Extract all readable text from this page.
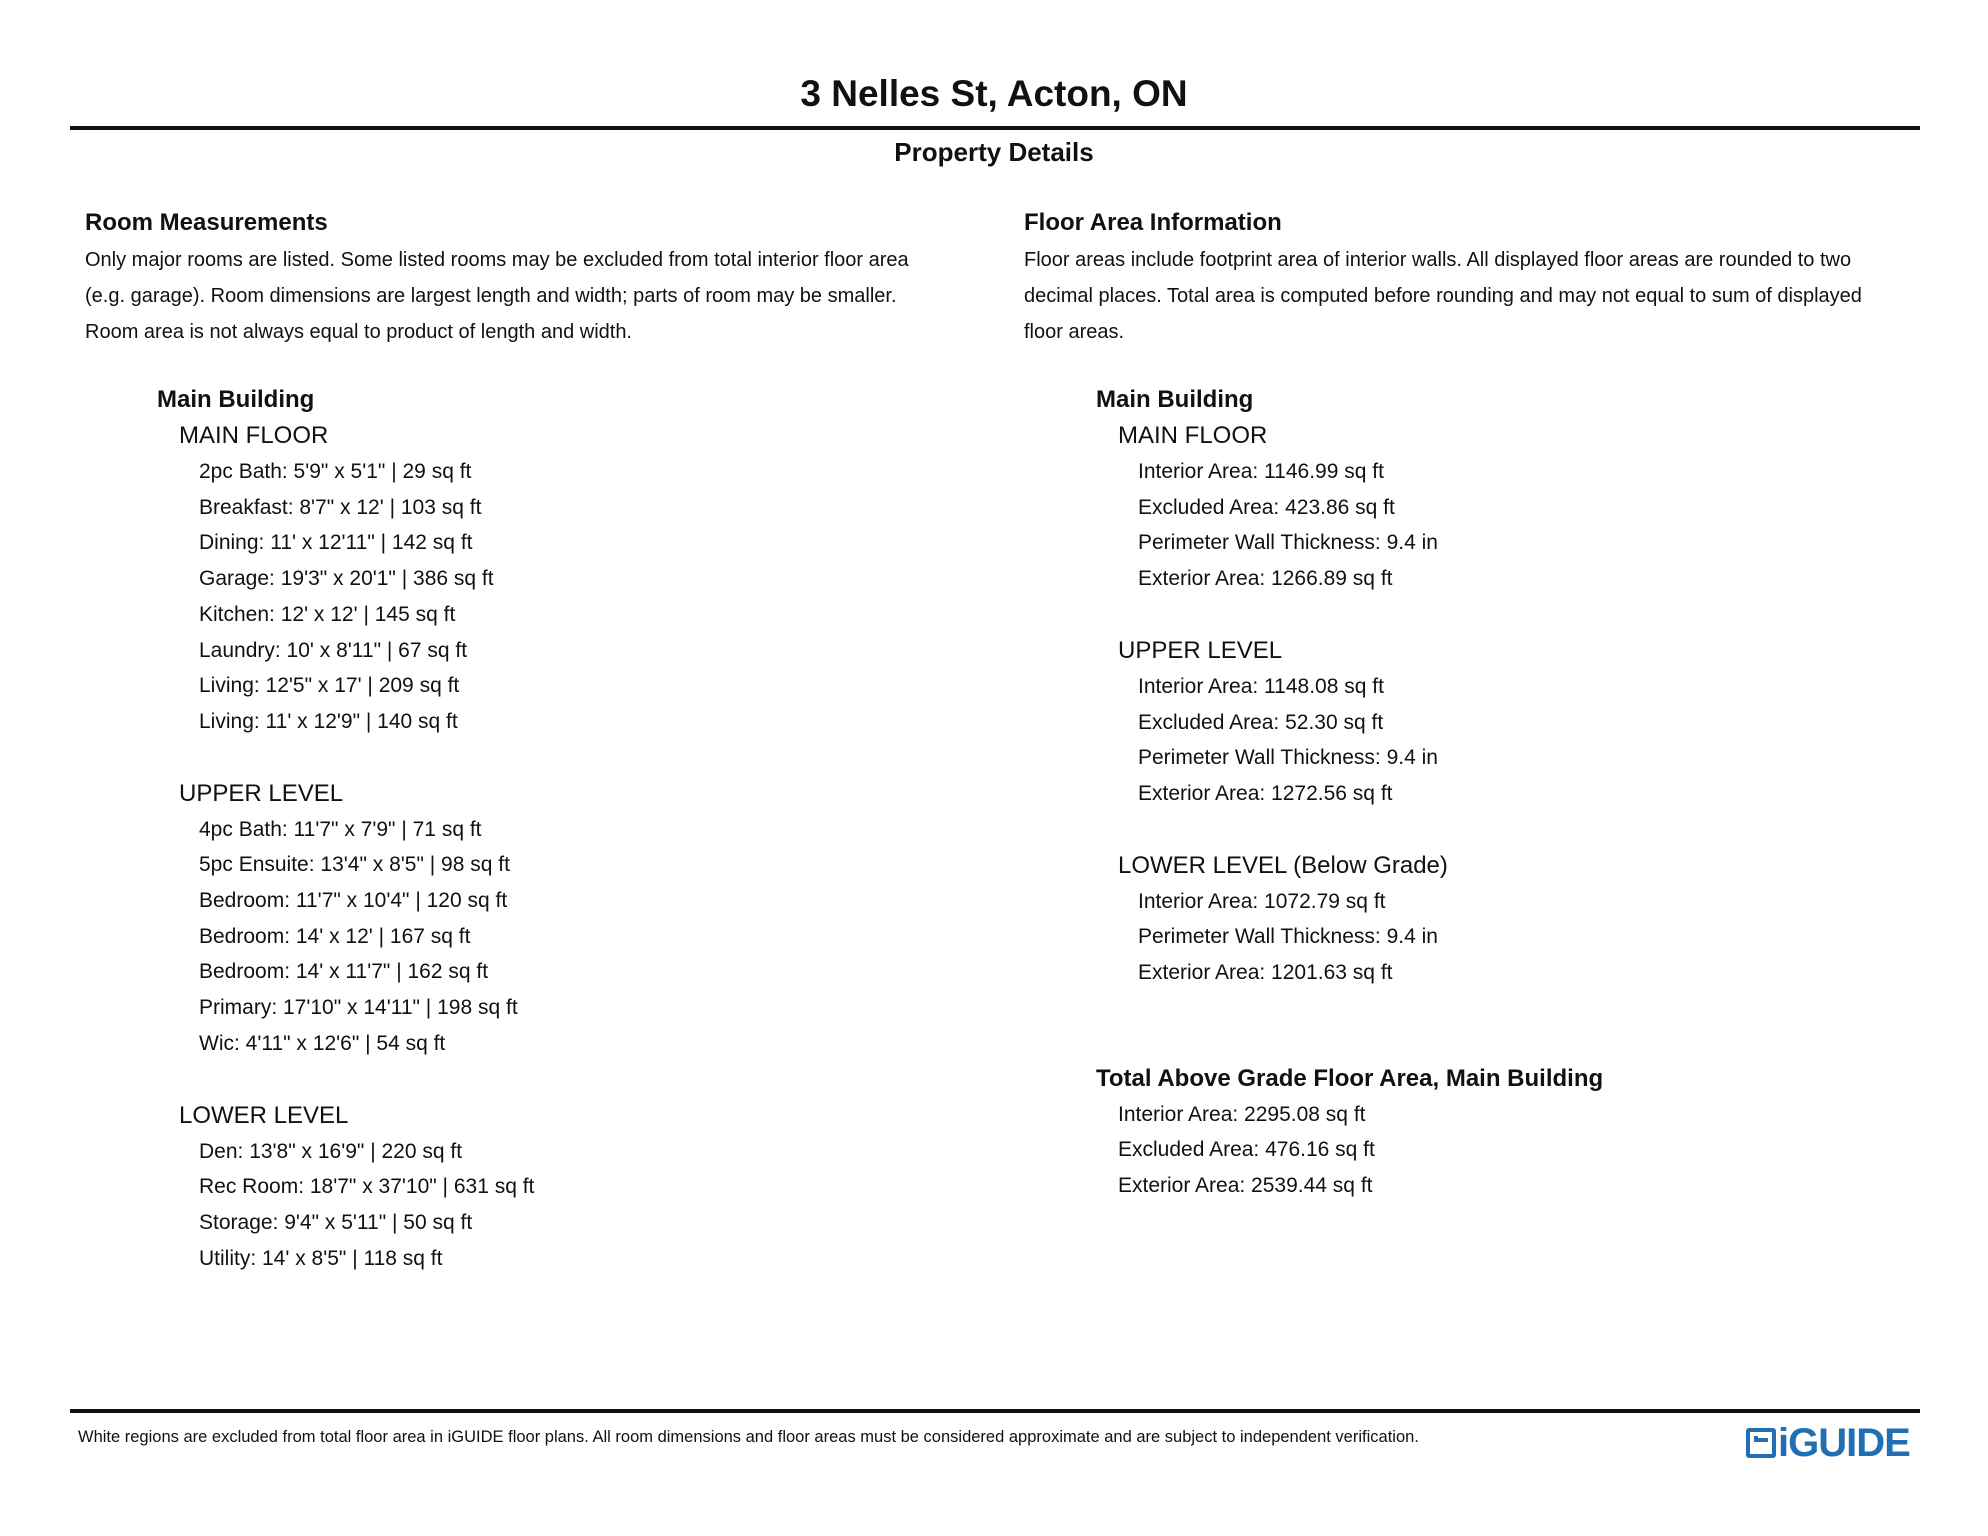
3 Nelles St, Acton, ON
Property Details
Room Measurements
Only major rooms are listed. Some listed rooms may be excluded from total interior floor area
(e.g. garage). Room dimensions are largest length and width; parts of room may be smaller.
Room area is not always equal to product of length and width.
Main Building
MAIN FLOOR
2pc Bath: 5'9" x 5'1" | 29 sq ft
Breakfast: 8'7" x 12' | 103 sq ft
Dining: 11' x 12'11" | 142 sq ft
Garage: 19'3" x 20'1" | 386 sq ft
Kitchen: 12' x 12' | 145 sq ft
Laundry: 10' x 8'11" | 67 sq ft
Living: 12'5" x 17' | 209 sq ft
Living: 11' x 12'9" | 140 sq ft
UPPER LEVEL
4pc Bath: 11'7" x 7'9" | 71 sq ft
5pc Ensuite: 13'4" x 8'5" | 98 sq ft
Bedroom: 11'7" x 10'4" | 120 sq ft
Bedroom: 14' x 12' | 167 sq ft
Bedroom: 14' x 11'7" | 162 sq ft
Primary: 17'10" x 14'11" | 198 sq ft
Wic: 4'11" x 12'6" | 54 sq ft
LOWER LEVEL
Den: 13'8" x 16'9" | 220 sq ft
Rec Room: 18'7" x 37'10" | 631 sq ft
Storage: 9'4" x 5'11" | 50 sq ft
Utility: 14' x 8'5" | 118 sq ft
Floor Area Information
Floor areas include footprint area of interior walls. All displayed floor areas are rounded to two
decimal places. Total area is computed before rounding and may not equal to sum of displayed
floor areas.
Main Building
MAIN FLOOR
Interior Area: 1146.99 sq ft
Excluded Area: 423.86 sq ft
Perimeter Wall Thickness: 9.4 in
Exterior Area: 1266.89 sq ft
UPPER LEVEL
Interior Area: 1148.08 sq ft
Excluded Area: 52.30 sq ft
Perimeter Wall Thickness: 9.4 in
Exterior Area: 1272.56 sq ft
LOWER LEVEL (Below Grade)
Interior Area: 1072.79 sq ft
Perimeter Wall Thickness: 9.4 in
Exterior Area: 1201.63 sq ft
Total Above Grade Floor Area, Main Building
Interior Area: 2295.08 sq ft
Excluded Area: 476.16 sq ft
Exterior Area: 2539.44 sq ft
White regions are excluded from total floor area in iGUIDE floor plans. All room dimensions and floor areas must be considered approximate and are subject to independent verification.	iGUIDE
